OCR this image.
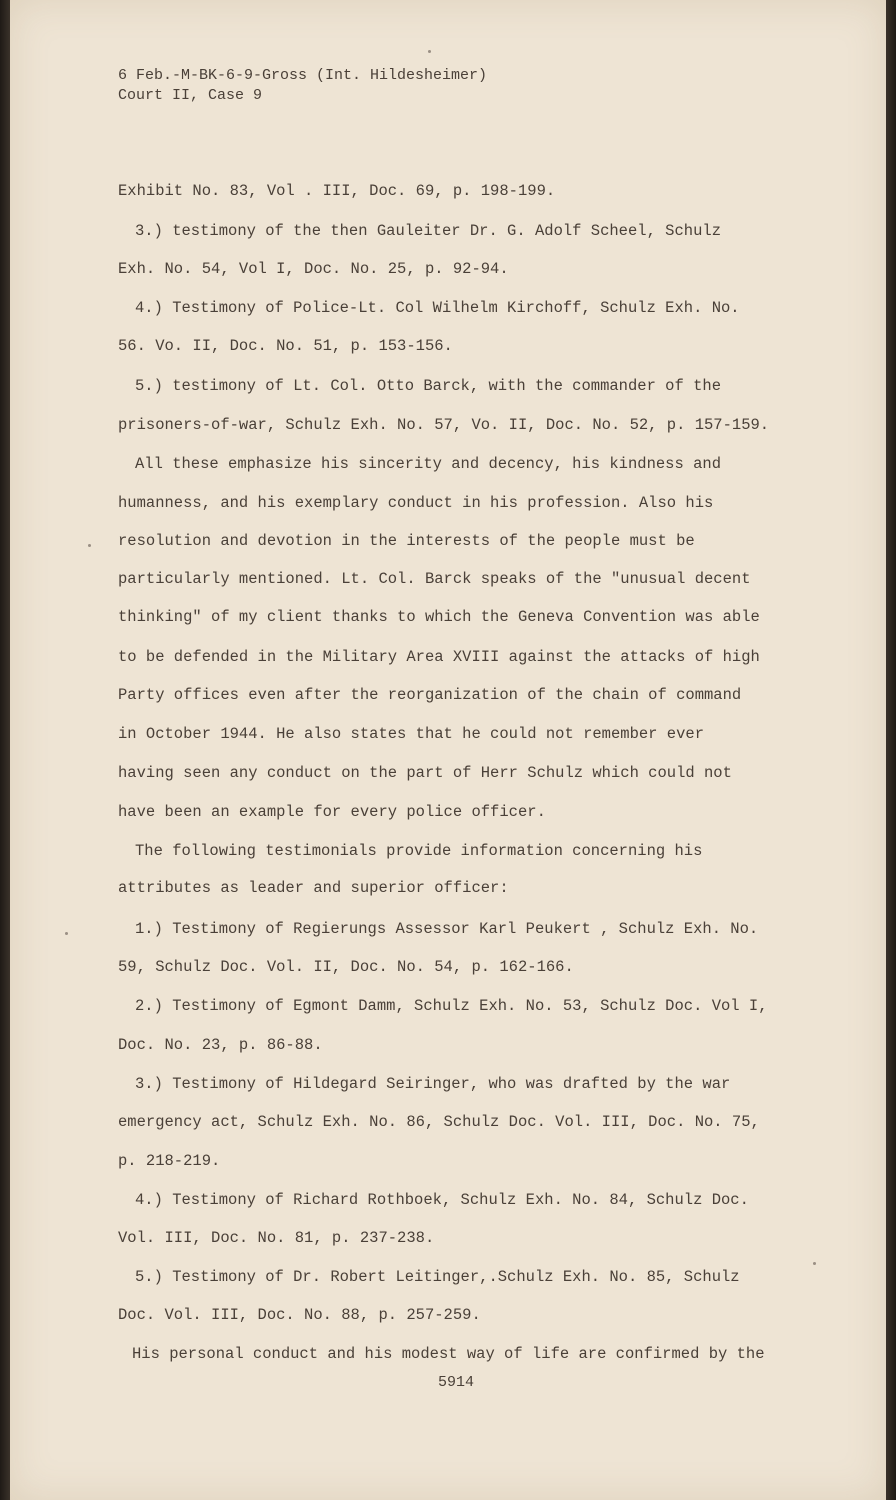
6 Feb.-M-BK-6-9-Gross (Int. Hildesheimer)
Court II, Case 9
Exhibit No. 83, Vol . III, Doc. 69, p. 198-199.
3.) testimony of the then Gauleiter Dr. G. Adolf Scheel, Schulz
Exh. No. 54, Vol I, Doc. No. 25, p. 92-94.
4.) Testimony of Police-Lt. Col Wilhelm Kirchoff, Schulz Exh. No.
56. Vo. II, Doc. No. 51, p. 153-156.
5.) testimony of Lt. Col. Otto Barck, with the commander of the
prisoners-of-war, Schulz Exh. No. 57, Vo. II, Doc. No. 52, p. 157-159.
All these emphasize his sincerity and decency, his kindness and
humanness, and his exemplary conduct in his profession. Also his
resolution and devotion in the interests of the people must be
particularly mentioned. Lt. Col. Barck speaks of the "unusual decent
thinking" of my client thanks to which the Geneva Convention was able
to be defended in the Military Area XVIII against the attacks of high
Party offices even after the reorganization of the chain of command
in October 1944. He also states that he could not remember ever
having seen any conduct on the part of Herr Schulz which could not
have been an example for every police officer.
The following testimonials provide information concerning his
attributes as leader and superior officer:
1.) Testimony of Regierungs Assessor Karl Peukert , Schulz Exh. No.
59, Schulz Doc. Vol. II, Doc. No. 54, p. 162-166.
2.) Testimony of Egmont Damm, Schulz Exh. No. 53, Schulz Doc. Vol I,
Doc. No. 23, p. 86-88.
3.) Testimony of Hildegard Seiringer, who was drafted by the war
emergency act, Schulz Exh. No. 86, Schulz Doc. Vol. III, Doc. No. 75,
p. 218-219.
4.) Testimony of Richard Rothboek, Schulz Exh. No. 84, Schulz Doc.
Vol. III, Doc. No. 81, p. 237-238.
5.) Testimony of Dr. Robert Leitinger,.Schulz Exh. No. 85, Schulz
Doc. Vol. III, Doc. No. 88, p. 257-259.
His personal conduct and his modest way of life are confirmed by the
5914
